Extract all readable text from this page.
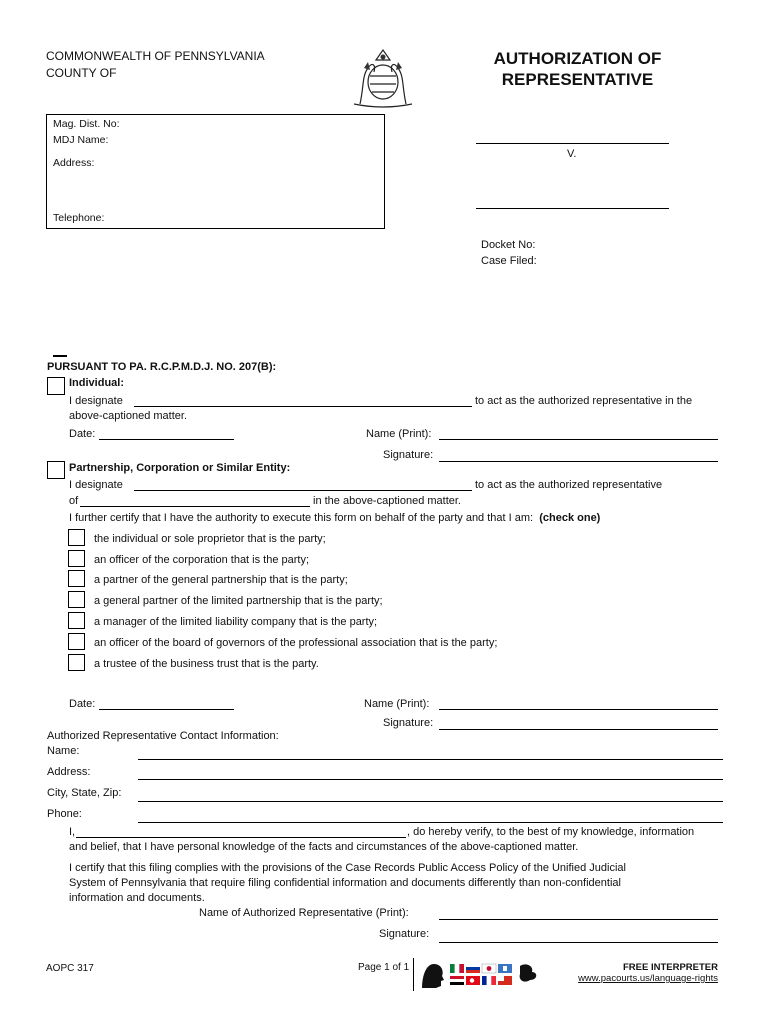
COMMONWEALTH OF PENNSYLVANIA
COUNTY OF
AUTHORIZATION OF
REPRESENTATIVE
Mag. Dist. No:
MDJ Name:
Address:
Telephone:
V.
Docket No:
Case Filed:
PURSUANT TO PA. R.C.P.M.D.J. NO. 207(B):
Individual:
I designate	to act as the authorized representative in the
above-captioned matter.
Date:	Name (Print):
Signature:
Partnership, Corporation or Similar Entity:
I designate	to act as the authorized representative
of	in the above-captioned matter.
I further certify that I have the authority to execute this form on behalf of the party and that I am: (check one)
the individual or sole proprietor that is the party;
an officer of the corporation that is the party;
a partner of the general partnership that is the party;
a general partner of the limited partnership that is the party;
a manager of the limited liability company that is the party;
an officer of the board of governors of the professional association that is the party;
a trustee of the business trust that is the party.
Date:	Name (Print):
Signature:
Authorized Representative Contact Information:
Name:
Address:
City, State, Zip:
Phone:
I,	, do hereby verify, to the best of my knowledge, information
and belief, that I have personal knowledge of the facts and circumstances of the above-captioned matter.
I certify that this filing complies with the provisions of the Case Records Public Access Policy of the Unified Judicial
System of Pennsylvania that require filing confidential information and documents differently than non-confidential
information and documents.
Name of Authorized Representative (Print):
Signature:
AOPC 317	Page 1 of 1	FREE INTERPRETER
www.pacourts.us/language-rights
